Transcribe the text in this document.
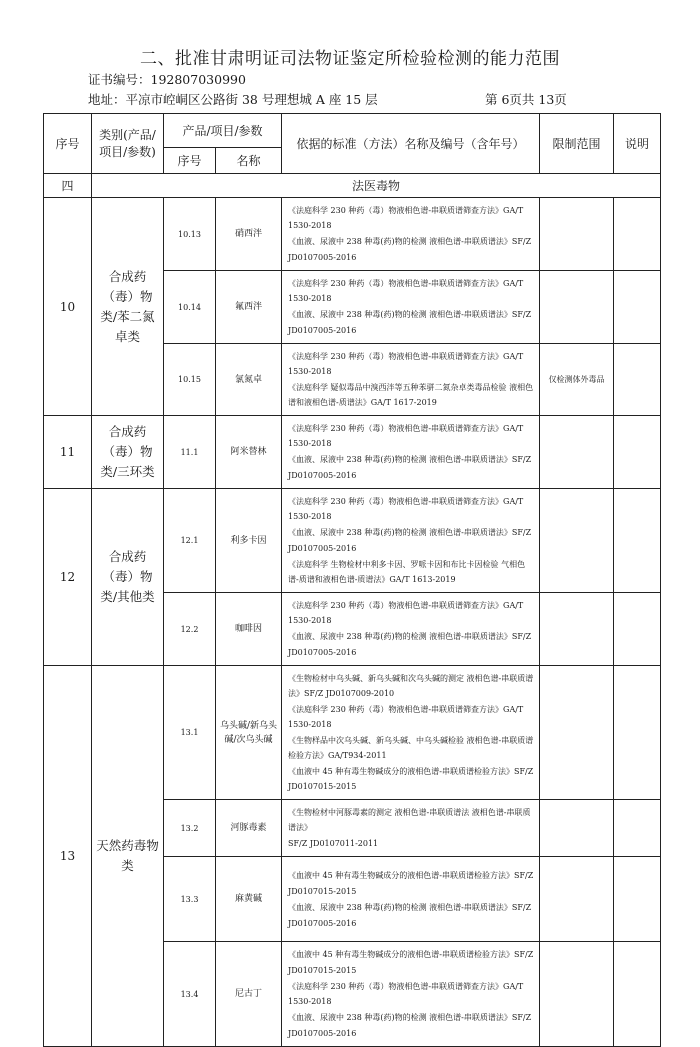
二、批准甘肃明证司法物证鉴定所检验检测的能力范围
证书编号：192807030990
地址：平凉市崆峒区公路街 38 号理想城 A 座 15 层	第 6页共 13页
序号	类别(产品/项目/参数)	产品/项目/参数		依据的标准（方法）名称及编号（含年号）	限制范围	说明
		序号	名称			
四	法医毒物					
10	合成药（毒）物类/苯二氮卓类	10.13	硝西泮	《法庭科学 230 种药（毒）物液相色谱-串联质谱筛查方法》GA/T 1530-2018
《血液、尿液中 238 种毒(药)物的检测 液相色谱-串联质谱法》SF/Z
JD0107005-2016		

		10.14	氟西泮	《法庭科学 230 种药（毒）物液相色谱-串联质谱筛查方法》GA/T 1530-2018
《血液、尿液中 238 种毒(药)物的检测 液相色谱-串联质谱法》SF/Z
JD0107005-2016		

		10.15	氯氮卓	《法庭科学 230 种药（毒）物液相色谱-串联质谱筛查方法》GA/T 1530-2018
《法庭科学 疑似毒品中溴西泮等五种苯骈二氮杂卓类毒品检验 液相色谱和液相色谱-质谱法》GA/T 1617-2019	仅检测体外毒品	
11	合成药（毒）物类/三环类	11.1	阿米替林	《法庭科学 230 种药（毒）物液相色谱-串联质谱筛查方法》GA/T 1530-2018
《血液、尿液中 238 种毒(药)物的检测 液相色谱-串联质谱法》SF/Z
JD0107005-2016		

12	合成药（毒）物类/其他类	12.1	利多卡因	《法庭科学 230 种药（毒）物液相色谱-串联质谱筛查方法》GA/T 1530-2018
《血液、尿液中 238 种毒(药)物的检测 液相色谱-串联质谱法》SF/Z
JD0107005-2016
《法庭科学 生物检材中利多卡因、罗哌卡因和布比卡因检验 气相色谱-质谱和液相色谱-质谱法》GA/T 1613-2019		

		12.2	咖啡因	《法庭科学 230 种药（毒）物液相色谱-串联质谱筛查方法》GA/T 1530-2018
《血液、尿液中 238 种毒(药)物的检测 液相色谱-串联质谱法》SF/Z
JD0107005-2016		

13	天然药毒物类	13.1	乌头碱/新乌头碱/次乌头碱	《生物检材中乌头碱、新乌头碱和次乌头碱的测定 液相色谱-串联质谱法》SF/Z JD0107009-2010
《法庭科学 230 种药（毒）物液相色谱-串联质谱筛查方法》GA/T 1530-2018
《生物样品中次乌头碱、新乌头碱、中乌头碱检验 液相色谱-串联质谱检验方法》GA/T934-2011
《血液中 45 种有毒生物碱成分的液相色谱-串联质谱检验方法》SF/Z JD0107015-2015		

		13.2	河豚毒素	《生物检材中河豚毒素的测定 液相色谱-串联质谱法 液相色谱-串联质谱法》
SF/Z JD0107011-2011		

		13.3	麻黄碱	《血液中 45 种有毒生物碱成分的液相色谱-串联质谱检验方法》SF/Z
JD0107015-2015
《血液、尿液中 238 种毒(药)物的检测 液相色谱-串联质谱法》SF/Z
JD0107005-2016		

		13.4	尼古丁	《血液中 45 种有毒生物碱成分的液相色谱-串联质谱检验方法》SF/Z
JD0107015-2015
《法庭科学 230 种药（毒）物液相色谱-串联质谱筛查方法》GA/T 1530-2018
《血液、尿液中 238 种毒(药)物的检测 液相色谱-串联质谱法》SF/Z
JD0107005-2016		
